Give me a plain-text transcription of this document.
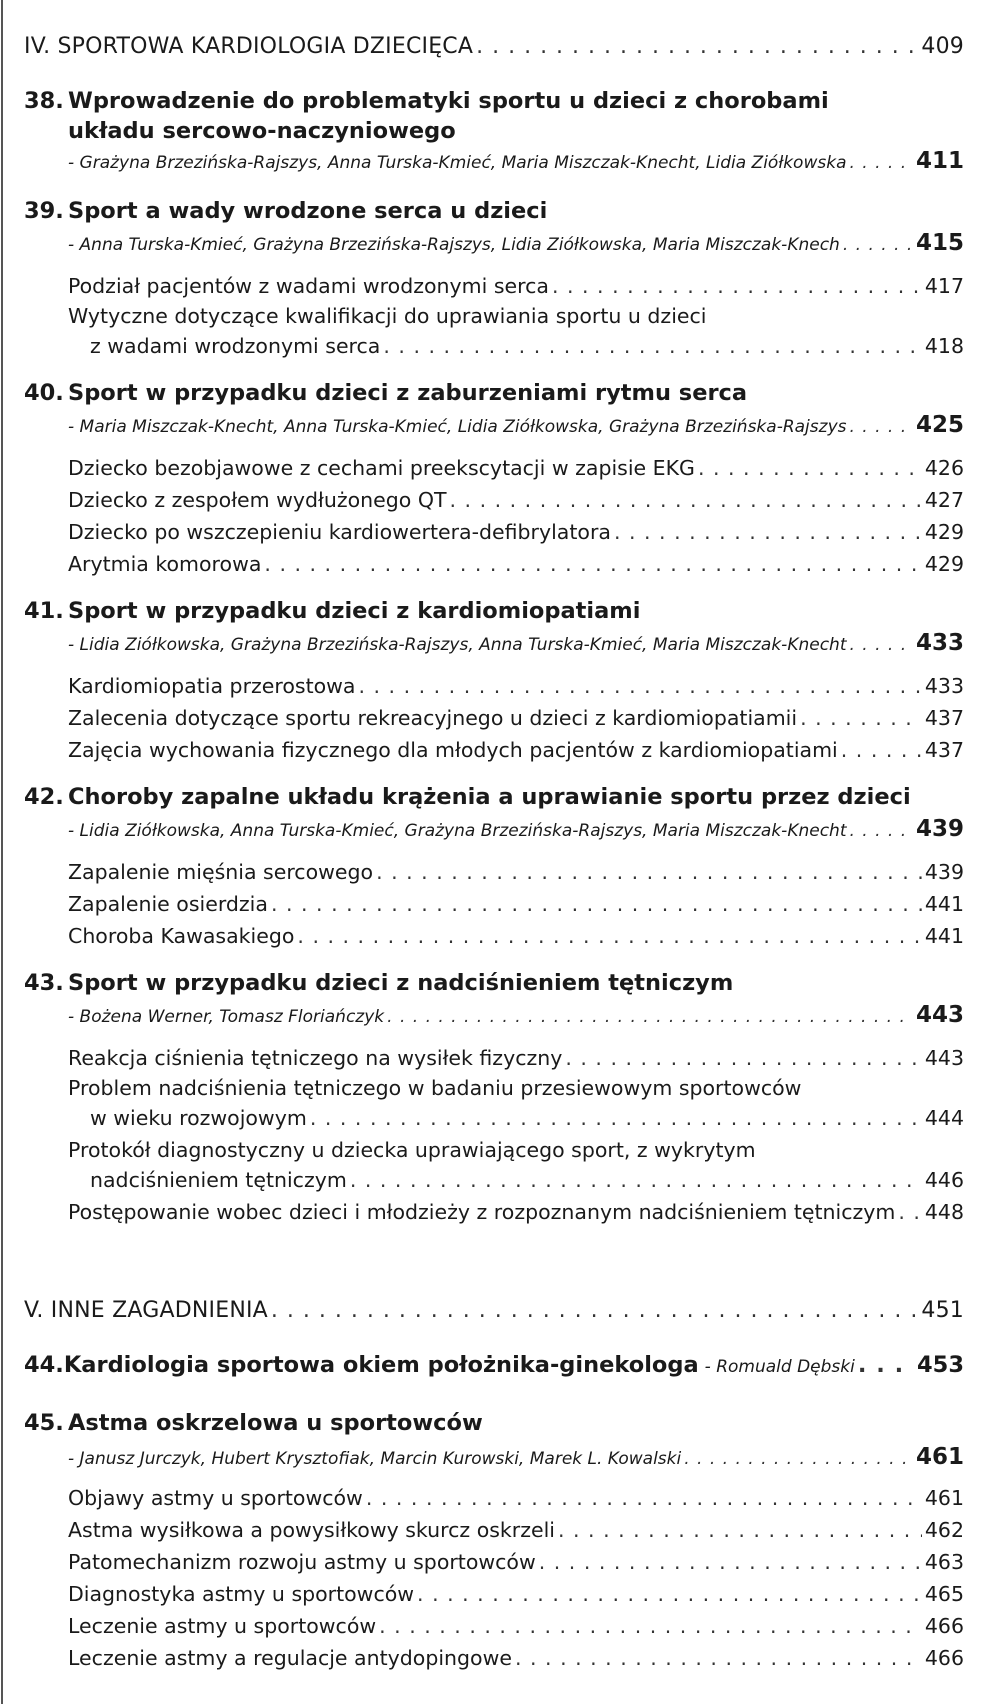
IV. SPORTOWA KARDIOLOGIA DZIECIĘCA . . .	409
38. Wprowadzenie do problematyki sportu u dzieci z chorobami
układu sercowo-naczyniowego
- Grażyna Brzezińska-Rajszys, Anna Turska-Kmieć, Maria Miszczak-Knecht, Lidia Ziółkowska . . .	411
39. Sport a wady wrodzone serca u dzieci
- Anna Turska-Kmieć, Grażyna Brzezińska-Rajszys, Lidia Ziółkowska, Maria Miszczak-Knech . . .	415
Podział pacjentów z wadami wrodzonymi serca . . .	417
Wytyczne dotyczące kwalifikacji do uprawiania sportu u dzieci
z wadami wrodzonymi serca . . .	418
40. Sport w przypadku dzieci z zaburzeniami rytmu serca
- Maria Miszczak-Knecht, Anna Turska-Kmieć, Lidia Ziółkowska, Grażyna Brzezińska-Rajszys . . .	425
Dziecko bezobjawowe z cechami preekscytacji w zapisie EKG . . .	426
Dziecko z zespołem wydłużonego QT . . .	427
Dziecko po wszczepieniu kardiowertera-defibrylatora . . .	429
Arytmia komorowa . . .	429
41. Sport w przypadku dzieci z kardiomiopatiami
- Lidia Ziółkowska, Grażyna Brzezińska-Rajszys, Anna Turska-Kmieć, Maria Miszczak-Knecht . . .	433
Kardiomiopatia przerostowa . . .	433
Zalecenia dotyczące sportu rekreacyjnego u dzieci z kardiomiopatiamii . . .	437
Zajęcia wychowania fizycznego dla młodych pacjentów z kardiomiopatiami . . .	437
42. Choroby zapalne układu krążenia a uprawianie sportu przez dzieci
- Lidia Ziółkowska, Anna Turska-Kmieć, Grażyna Brzezińska-Rajszys, Maria Miszczak-Knecht . . .	439
Zapalenie mięśnia sercowego . . .	439
Zapalenie osierdzia . . .	441
Choroba Kawasakiego . . .	441
43. Sport w przypadku dzieci z nadciśnieniem tętniczym
- Bożena Werner, Tomasz Floriańczyk . . .	443
Reakcja ciśnienia tętniczego na wysiłek fizyczny . . .	443
Problem nadciśnienia tętniczego w badaniu przesiewowym sportowców
w wieku rozwojowym . . .	444
Protokół diagnostyczny u dziecka uprawiającego sport, z wykrytym
nadciśnieniem tętniczym . . .	446
Postępowanie wobec dzieci i młodzieży z rozpoznanym nadciśnieniem tętniczym . . . 448
V. INNE ZAGADNIENIA . . .	451
44. Kardiologia sportowa okiem położnika-ginekologa - Romuald Dębski . . .	453
45. Astma oskrzelowa u sportowców
- Janusz Jurczyk, Hubert Krysztofiak, Marcin Kurowski, Marek L. Kowalski . . .	461
Objawy astmy u sportowców . . .	461
Astma wysiłkowa a powysiłkowy skurcz oskrzeli . . .	462
Patomechanizm rozwoju astmy u sportowców . . .	463
Diagnostyka astmy u sportowców . . .	465
Leczenie astmy u sportowców . . .	466
Leczenie astmy a regulacje antydopingowe . . .	466
